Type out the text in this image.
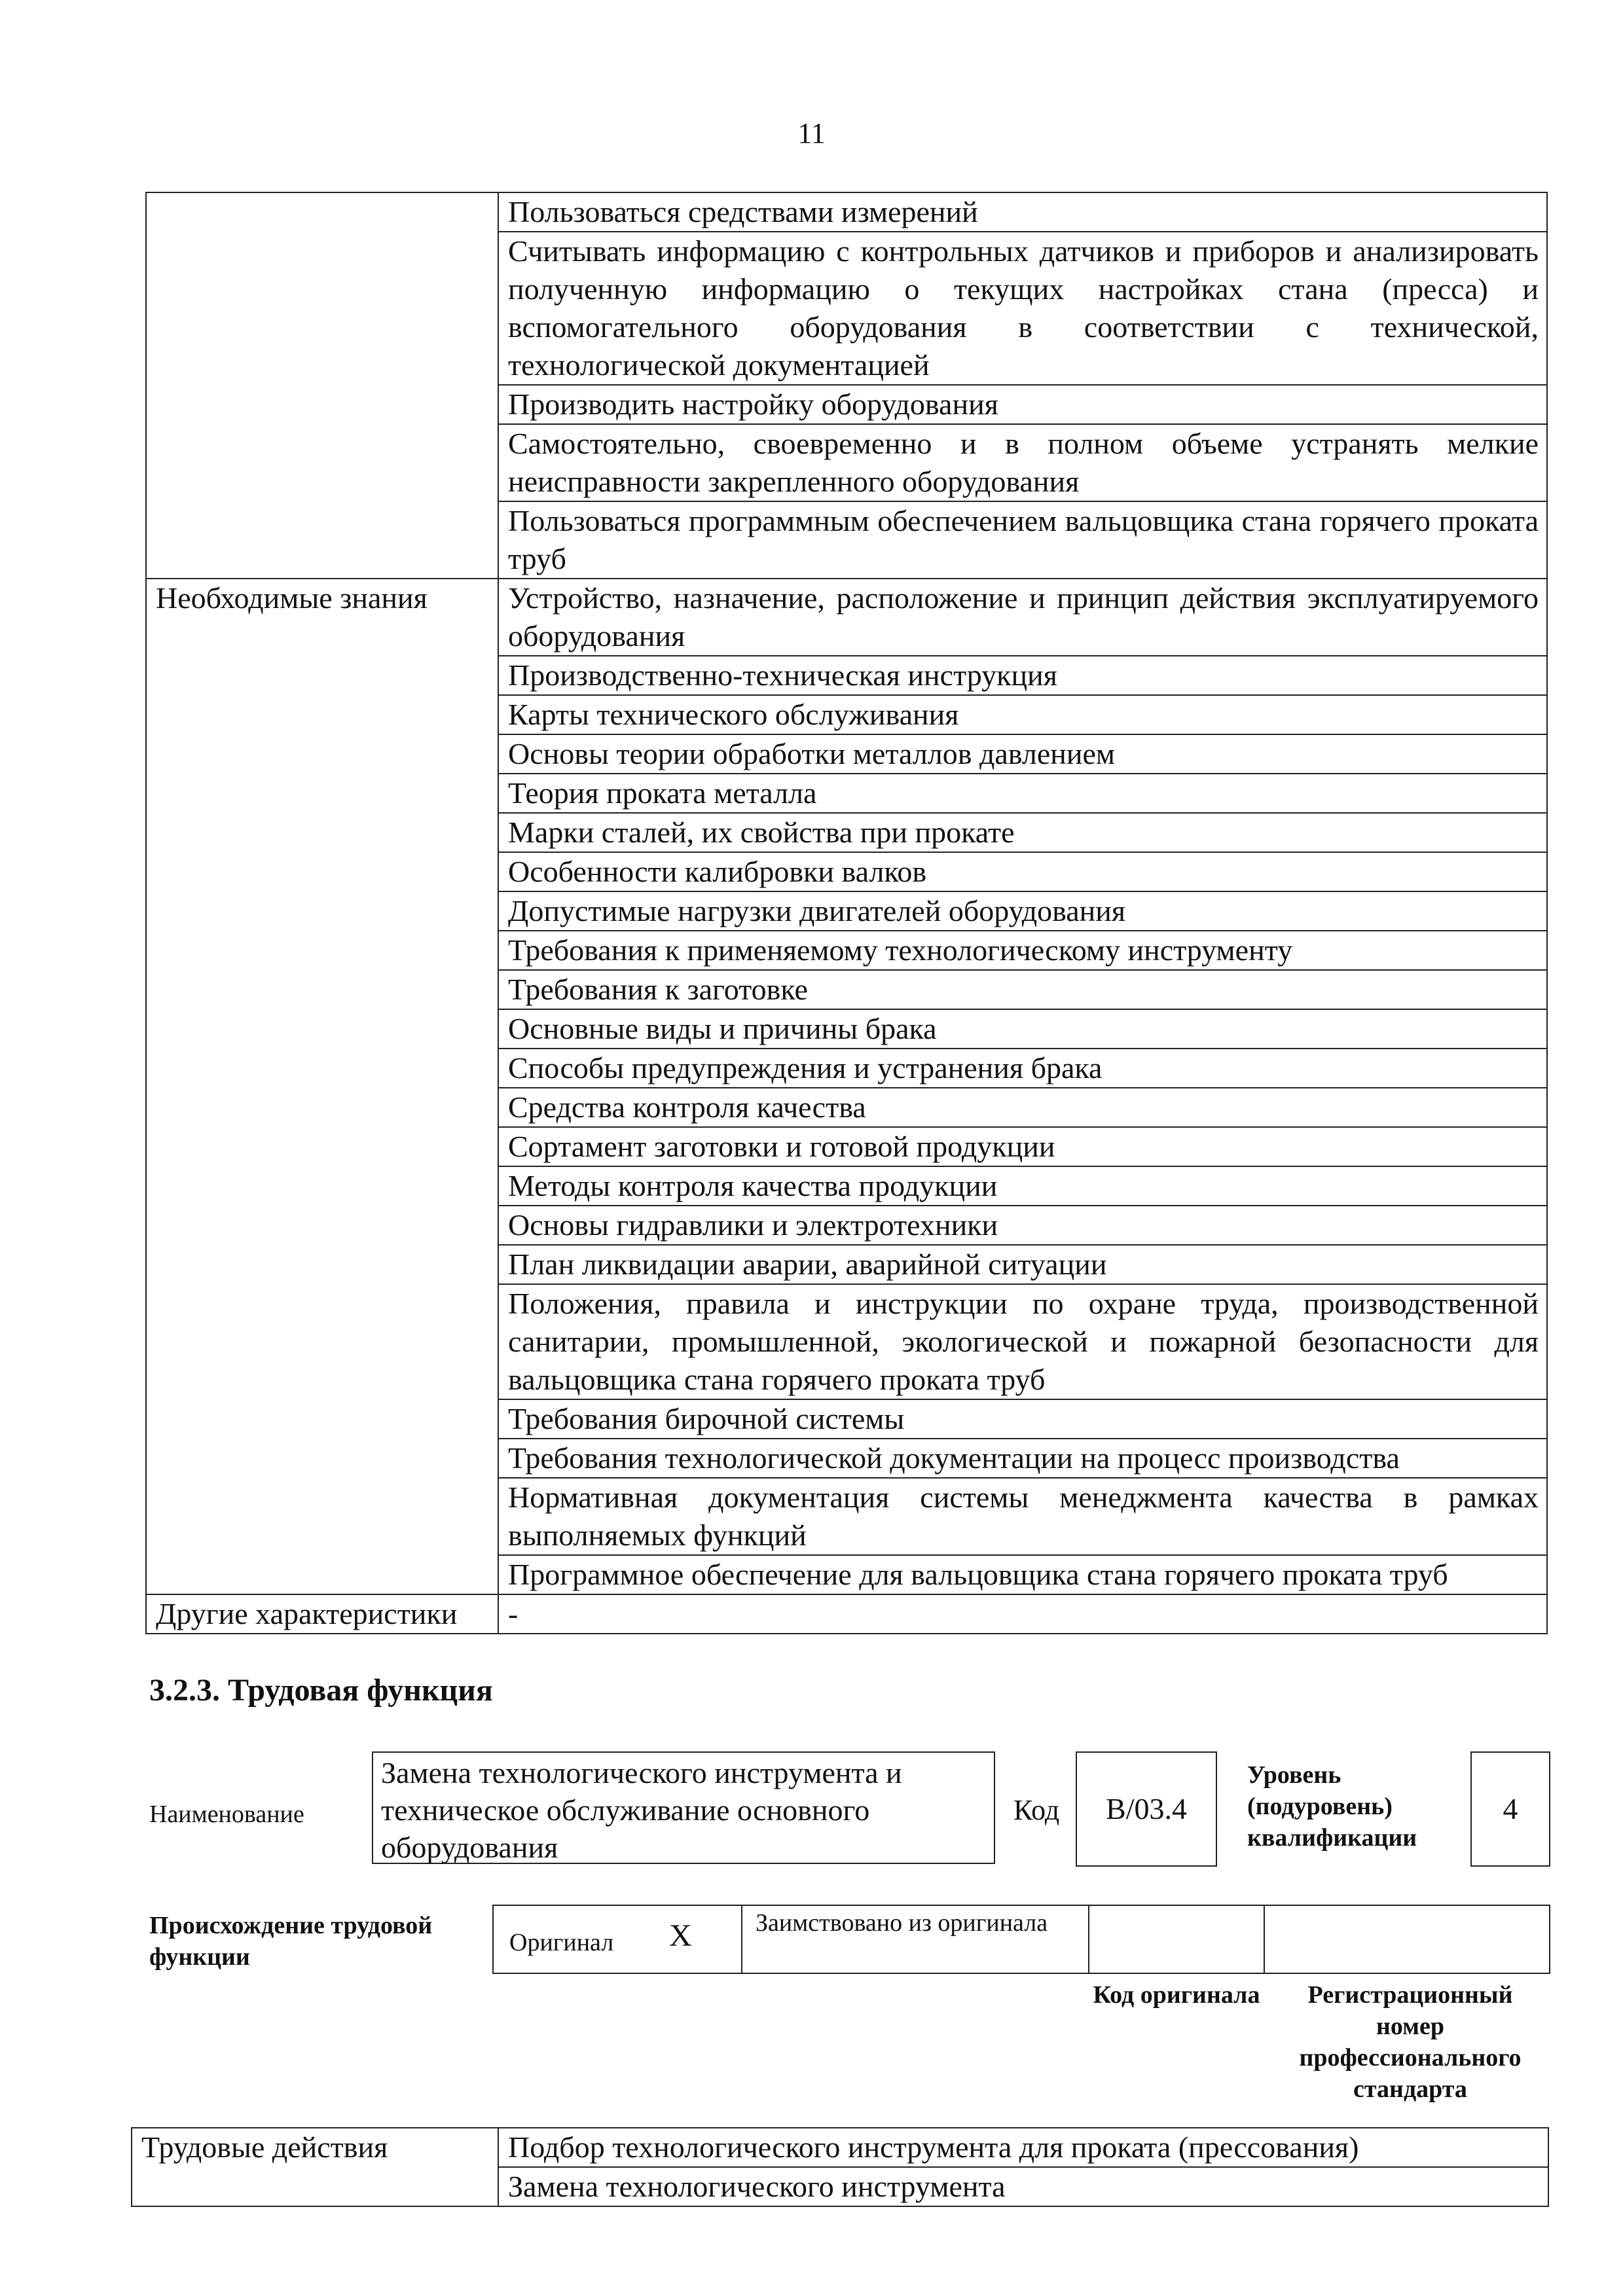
11
	Пользоваться средствами измерений
	Считывать информацию с контрольных датчиков и приборов и анализировать полученную информацию о текущих настройках стана (пресса) и вспомогательного оборудования в соответствии с технической, технологической документацией
	Производить настройку оборудования
	Самостоятельно, своевременно и в полном объеме устранять мелкие неисправности закрепленного оборудования
	Пользоваться программным обеспечением вальцовщика стана горячего проката труб
Необходимые знания	Устройство, назначение, расположение и принцип действия эксплуатируемого оборудования
	Производственно-техническая инструкция
	Карты технического обслуживания
	Основы теории обработки металлов давлением
	Теория проката металла
	Марки сталей, их свойства при прокате
	Особенности калибровки валков
	Допустимые нагрузки двигателей оборудования
	Требования к применяемому технологическому инструменту
	Требования к заготовке
	Основные виды и причины брака
	Способы предупреждения и устранения брака
	Средства контроля качества
	Сортамент заготовки и готовой продукции
	Методы контроля качества продукции
	Основы гидравлики и электротехники
	План ликвидации аварии, аварийной ситуации
	Положения, правила и инструкции по охране труда, производственной санитарии, промышленной, экологической и пожарной безопасности для вальцовщика стана горячего проката труб
	Требования бирочной системы
	Требования технологической документации на процесс производства
	Нормативная документация системы менеджмента качества в рамках выполняемых функций
	Программное обеспечение для вальцовщика стана горячего проката труб
Другие характеристики	-
3.2.3. Трудовая функция
Наименование
Замена технологического инструмента и техническое обслуживание основного оборудования
Код	B/03.4
Уровень (подуровень) квалификации
4
Происхождение трудовой функции
Оригинал X	Заимствовано из оригинала
Код оригинала	Регистрационный номер профессионального стандарта
Трудовые действия	Подбор технологического инструмента для проката (прессования)
Замена технологического инструмента
